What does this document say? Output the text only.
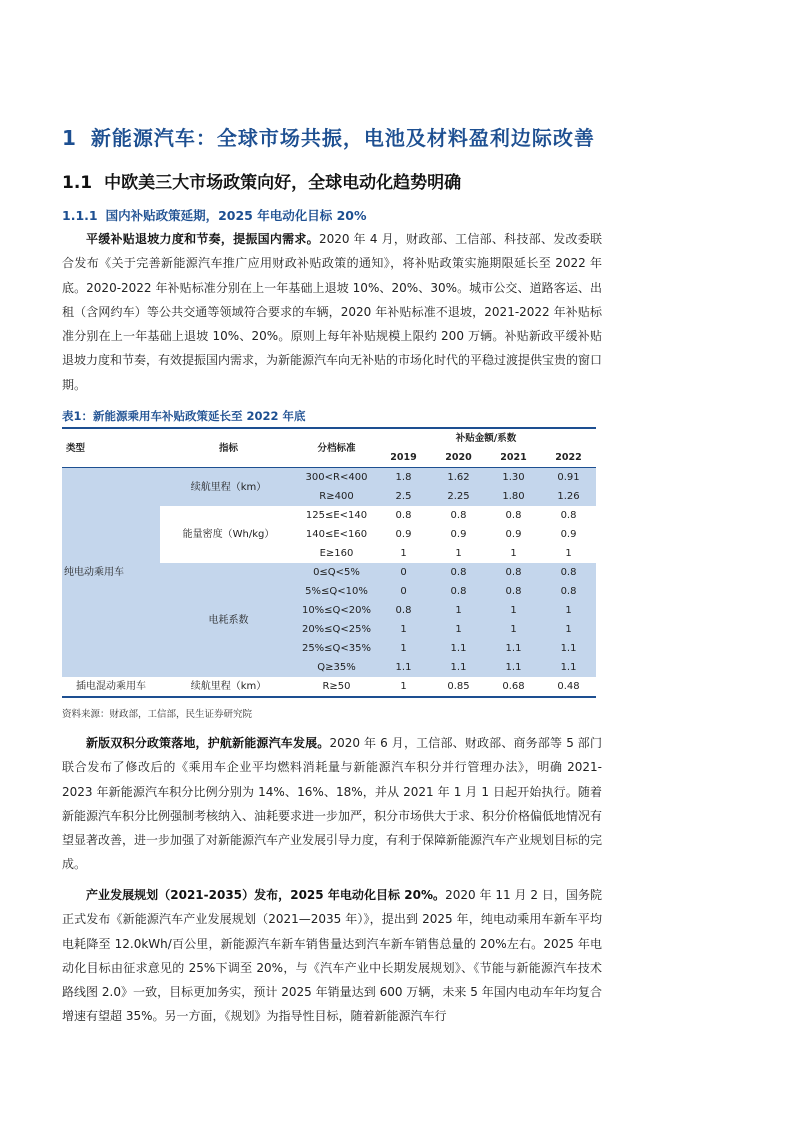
1 新能源汽车：全球市场共振，电池及材料盈利边际改善
1.1 中欧美三大市场政策向好，全球电动化趋势明确
1.1.1 国内补贴政策延期，2025 年电动化目标 20%
平缓补贴退坡力度和节奏，提振国内需求。2020 年 4 月，财政部、工信部、科技部、发改委联合发布《关于完善新能源汽车推广应用财政补贴政策的通知》，将补贴政策实施期限延长至 2022 年底。2020-2022 年补贴标准分别在上一年基础上退坡 10%、20%、30%。城市公交、道路客运、出租（含网约车）等公共交通等领域符合要求的车辆，2020 年补贴标准不退坡，2021-2022 年补贴标准分别在上一年基础上退坡 10%、20%。原则上每年补贴规模上限约 200 万辆。补贴新政平缓补贴退坡力度和节奏，有效提振国内需求，为新能源汽车向无补贴的市场化时代的平稳过渡提供宝贵的窗口期。
表1：新能源乘用车补贴政策延长至 2022 年底
类型	指标	分档标准	补贴金额/系数			
			2019	2020	2021	2022
纯电动乘用车	续航里程（km）	300<R<400	1.8	1.62	1.30	0.91
		R≥400	2.5	2.25	1.80	1.26
	能量密度（Wh/kg）	125≤E<140	0.8	0.8	0.8	0.8
		140≤E<160	0.9	0.9	0.9	0.9
		E≥160	1	1	1	1
	电耗系数	0≤Q<5%	0	0.8	0.8	0.8
		5%≤Q<10%	0	0.8	0.8	0.8
		10%≤Q<20%	0.8	1	1	1
		20%≤Q<25%	1	1	1	1
		25%≤Q<35%	1	1.1	1.1	1.1
		Q≥35%	1.1	1.1	1.1	1.1
插电混动乘用车	续航里程（km）	R≥50	1	0.85	0.68	0.48
资料来源：财政部，工信部，民生证券研究院
新版双积分政策落地，护航新能源汽车发展。2020 年 6 月，工信部、财政部、商务部等 5 部门联合发布了修改后的《乘用车企业平均燃料消耗量与新能源汽车积分并行管理办法》，明确 2021-2023 年新能源汽车积分比例分别为 14%、16%、18%，并从 2021 年 1 月 1 日起开始执行。随着新能源汽车积分比例强制考核纳入、油耗要求进一步加严，积分市场供大于求、积分价格偏低地情况有望显著改善，进一步加强了对新能源汽车产业发展引导力度，有利于保障新能源汽车产业规划目标的完成。
产业发展规划（2021-2035）发布，2025 年电动化目标 20%。2020 年 11 月 2 日，国务院正式发布《新能源汽车产业发展规划（2021—2035 年）》，提出到 2025 年，纯电动乘用车新车平均电耗降至 12.0kWh/百公里，新能源汽车新车销售量达到汽车新车销售总量的 20%左右。2025 年电动化目标由征求意见的 25%下调至 20%，与《汽车产业中长期发展规划》、《节能与新能源汽车技术路线图 2.0》一致，目标更加务实，预计 2025 年销量达到 600 万辆，未来 5 年国内电动车年均复合增速有望超 35%。另一方面，《规划》为指导性目标，随着新能源汽车行
